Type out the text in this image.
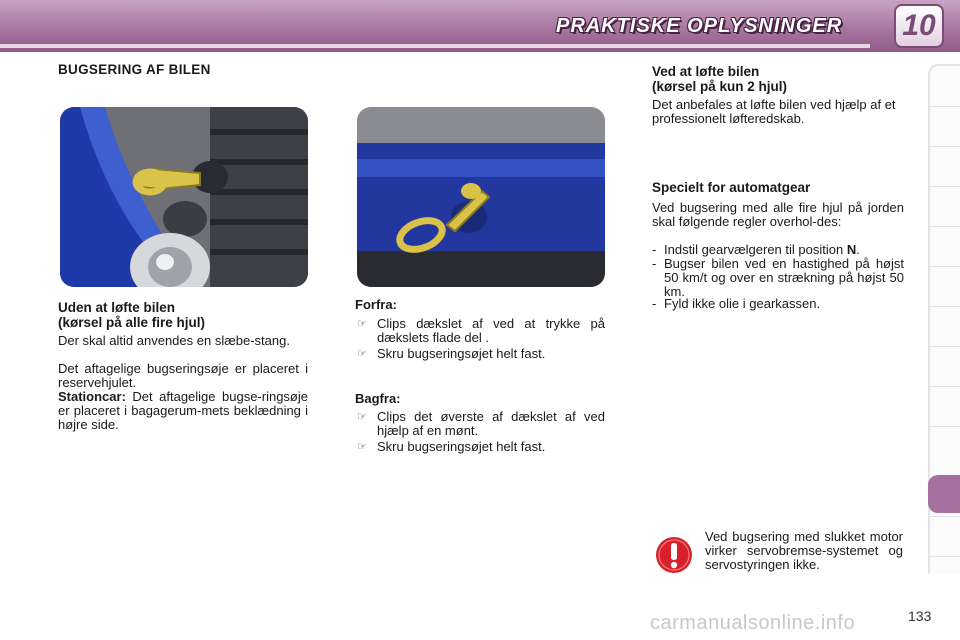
PRAKTISKE OPLYSNINGER 10
BUGSERING AF BILEN
Uden at løfte bilen
(kørsel på alle fire hjul)
Der skal altid anvendes en slæbe-stang.
Det aftagelige bugseringsøje er placeret i reservehjulet.
Stationcar: Det aftagelige bugse-ringsøje er placeret i bagagerum-mets beklædning i højre side.
Forfra:
☞ Clips dækslet af ved at trykke på dækslets flade del .
☞ Skru bugseringsøjet helt fast.
Bagfra:
☞ Clips det øverste af dækslet af ved hjælp af en mønt.
☞ Skru bugseringsøjet helt fast.
Ved at løfte bilen
(kørsel på kun 2 hjul)
Det anbefales at løfte bilen ved hjælp af et professionelt løfteredskab.
Specielt for automatgear
Ved bugsering med alle fire hjul på jorden skal følgende regler overhol-des:
- Indstil gearvælgeren til position N.
- Bugser bilen ved en hastighed på højst 50 km/t og over en strækning på højst 50 km.
- Fyld ikke olie i gearkassen.
Ved bugsering med slukket motor virker servobremse-systemet og servostyringen ikke.
carmanualsonline.info	133
